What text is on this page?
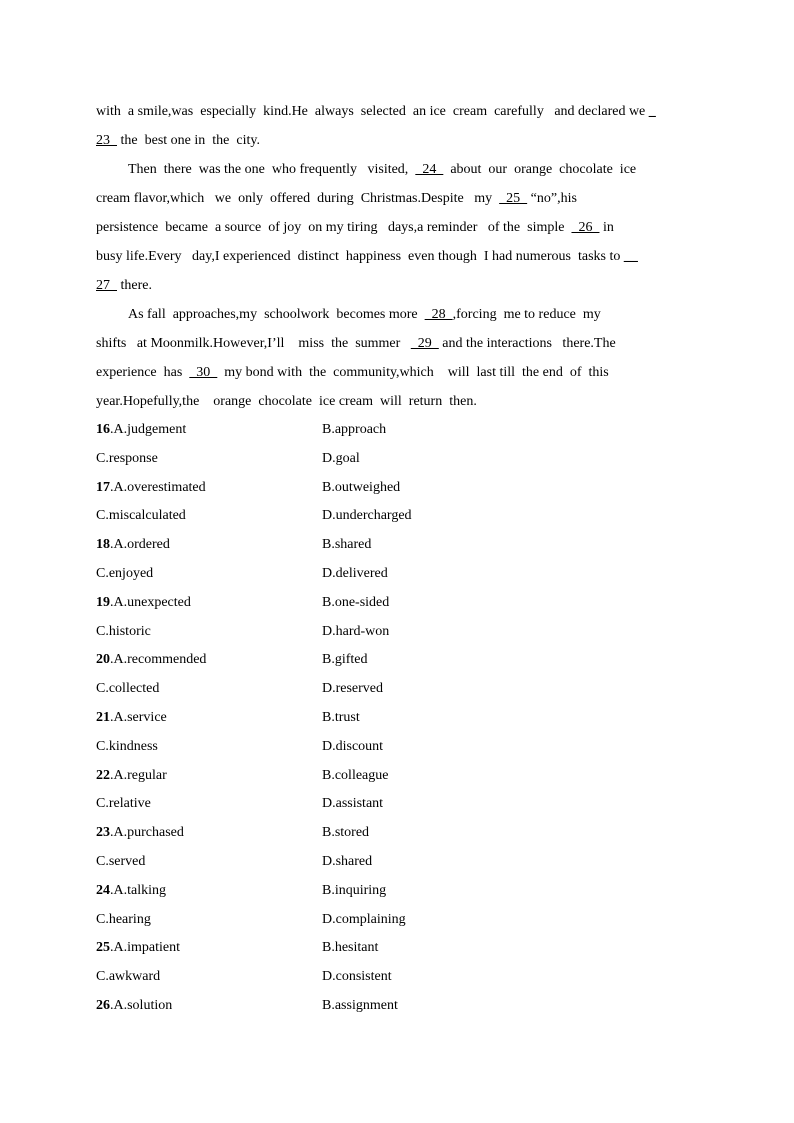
with  a smile,was  especially  kind.He  always  selected  an ice  cream  carefully   and declared we _
23   the  best one in  the  city.
Then  there  was the one  who frequently   visited,    24    about  our  orange  chocolate  ice
cream flavor,which   we  only  offered  during  Christmas.Despite   my    25   “no”,his
persistence  became  a source  of joy  on my tiring   days,a reminder   of the  simple    26   in
busy life.Every   day,I experienced  distinct  happiness  even though  I had numerous  tasks to __
27   there.
As fall  approaches,my  schoolwork  becomes more    28  ,forcing  me to reduce  my
shifts   at Moonmilk.However,I’ll    miss  the  summer     29   and the interactions   there.The
experience  has    30    my bond with  the  community,which    will  last till  the end  of  this
year.Hopefully,the    orange  chocolate  ice cream  will  return  then.
16.A.judgement	B.approach
C.response	D.goal
17.A.overestimated	B.outweighed
C.miscalculated	D.undercharged
18.A.ordered	B.shared
C.enjoyed	D.delivered
19.A.unexpected	B.one-sided
C.historic	D.hard-won
20.A.recommended	B.gifted
C.collected	D.reserved
21.A.service	B.trust
C.kindness	D.discount
22.A.regular	B.colleague
C.relative	D.assistant
23.A.purchased	B.stored
C.served	D.shared
24.A.talking	B.inquiring
C.hearing	D.complaining
25.A.impatient	B.hesitant
C.awkward	D.consistent
26.A.solution	B.assignment
